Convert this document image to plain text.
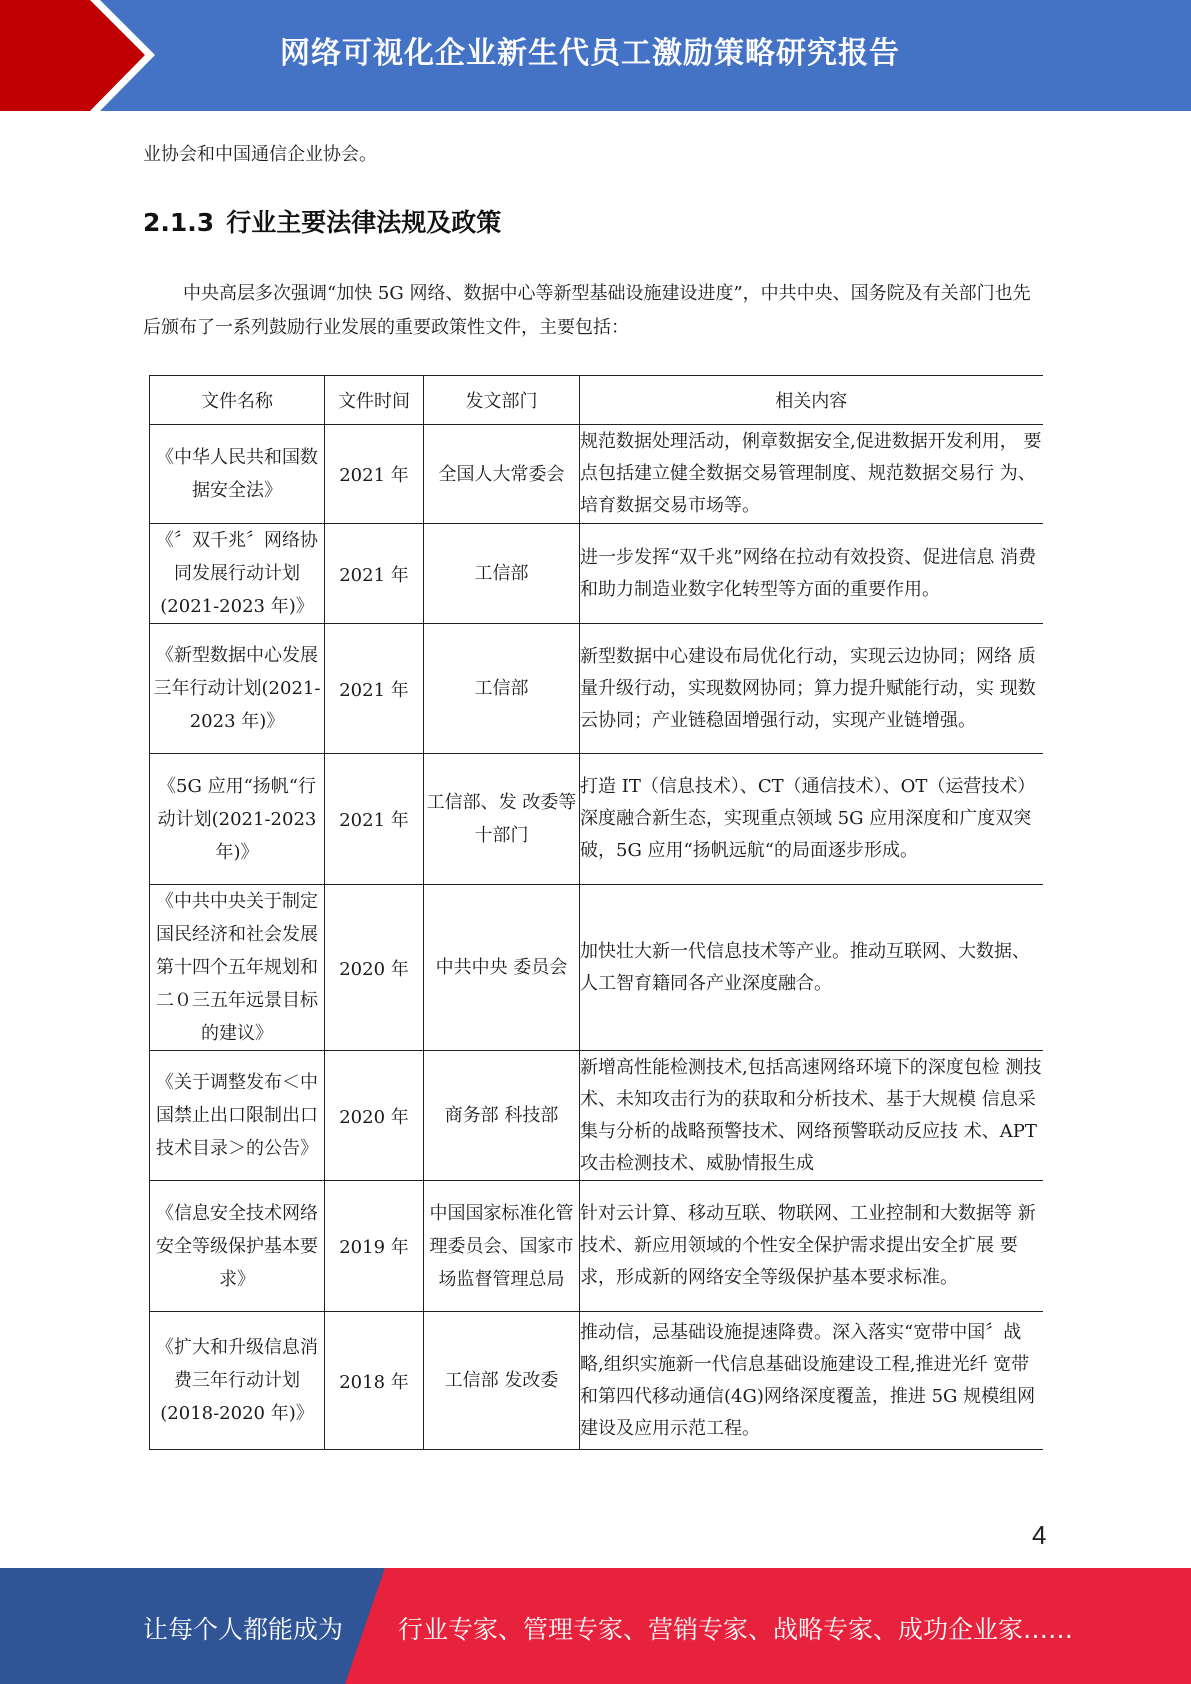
网络可视化企业新生代员工激励策略研究报告
业协会和中国通信企业协会。
2.1.3 行业主要法律法规及政策
中央高层多次强调“加快 5G 网络、数据中心等新型基础设施建设进度”，中共中央、国务院及有关部门也先后颁布了一系列鼓励行业发展的重要政策性文件，主要包括：
文件名称	文件时间	发文部门	相关内容
《中华人民共和国数 据安全法》	2021 年	全国人大常委会	规范数据处理活动，俐章数据安全,促进数据开发利用， 要点包括建立健全数据交易管理制度、规范数据交易行 为、培育数据交易市场等。
《〞双千兆〞网络协同发展行动计划(2021-2023 年)》	2021 年	工信部	进一步发挥“双千兆”网络在拉动有效投资、促进信息 消费和助力制造业数字化转型等方面的重要作用。
《新型数据中心发展三年行动计划(2021-2023 年)》	2021 年	工信部	新型数据中心建设布局优化行动，实现云边协同；网络 质量升级行动，实现数网协同；算力提升赋能行动，实 现数云协同；产业链稳固增强行动，实现产业链增强。
《5G 应用“扬帆“行动计划(2021-2023 年)》	2021 年	工信部、发 改委等十部门	打造 IT（信息技术）、CT（通信技术）、OT（运营技术）深度融合新生态，实现重点领域 5G 应用深度和广度双突破，5G 应用“扬帆远航“的局面逐步形成。
《中共中央关于制定国民经济和社会发展第十四个五年规划和二０三五年远景目标的建议》	2020 年	中共中央 委员会	加快壮大新一代信息技术等产业。推动互联网、大数据、 人工智育籍同各产业深度融合。
《关于调整发布＜中国禁止出口限制出口技术目录＞的公告》	2020 年	商务部 科技部	新增高性能检测技术,包括高速网络环境下的深度包检 测技术、未知攻击行为的获取和分析技术、基于大规模 信息采集与分析的战略预警技术、网络预警联动反应技 术、APT 攻击检测技术、威胁情报生成
《信息安全技术网络安全等级保护基本要求》	2019 年	中国国家标准化管理委员会、国家市场监督管理总局	针对云计算、移动互联、物联网、工业控制和大数据等 新技术、新应用领域的个性安全保护需求提出安全扩展 要求，形成新的网络安全等级保护基本要求标准。
《扩大和升级信息消费三年行动计划(2018-2020 年)》	2018 年	工信部 发改委	推动信，忌基础设施提速降费。深入落实“宽带中国〞战 略,组织实施新一代信息基础设施建设工程,推进光纤 宽带和第四代移动通信(4G)网络深度覆盖，推进 5G 规模组网建设及应用示范工程。
4
让每个人都能成为 行业专家、管理专家、营销专家、战略专家、成功企业家……
